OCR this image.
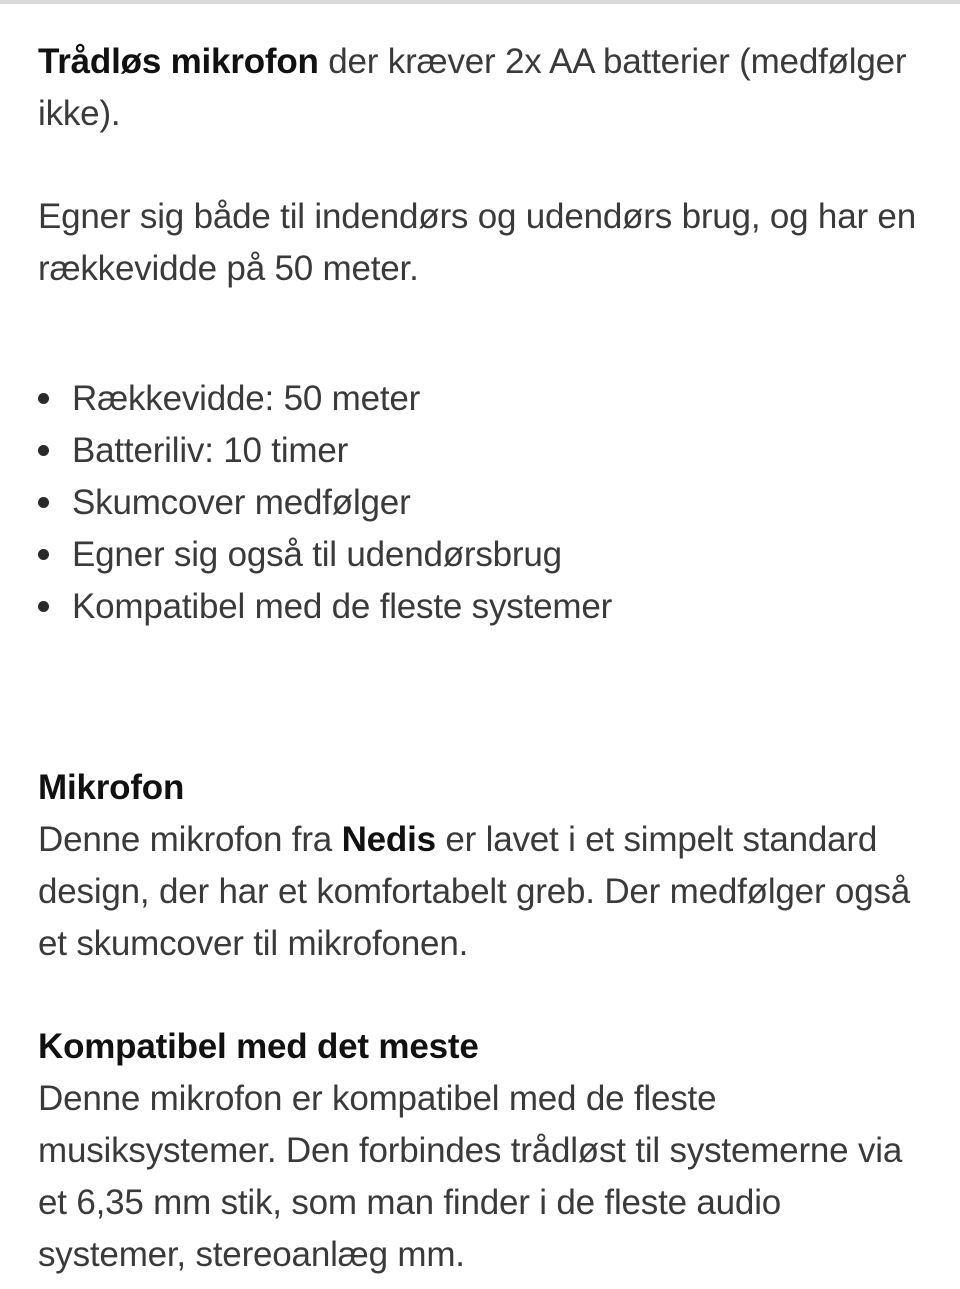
Trådløs mikrofon der kræver 2x AA batterier (medfølger ikke).

Egner sig både til indendørs og udendørs brug, og har en rækkevidde på 50 meter.

Rækkevidde: 50 meter
Batteriliv: 10 timer
Skumcover medfølger
Egner sig også til udendørsbrug
Kompatibel med de fleste systemer

Mikrofon

Denne mikrofon fra Nedis er lavet i et simpelt standard design, der har et komfortabelt greb. Der medfølger også et skumcover til mikrofonen.

Kompatibel med det meste

Denne mikrofon er kompatibel med de fleste musiksystemer. Den forbindes trådløst til systemerne via et 6,35 mm stik, som man finder i de fleste audio systemer, stereoanlæg mm.
